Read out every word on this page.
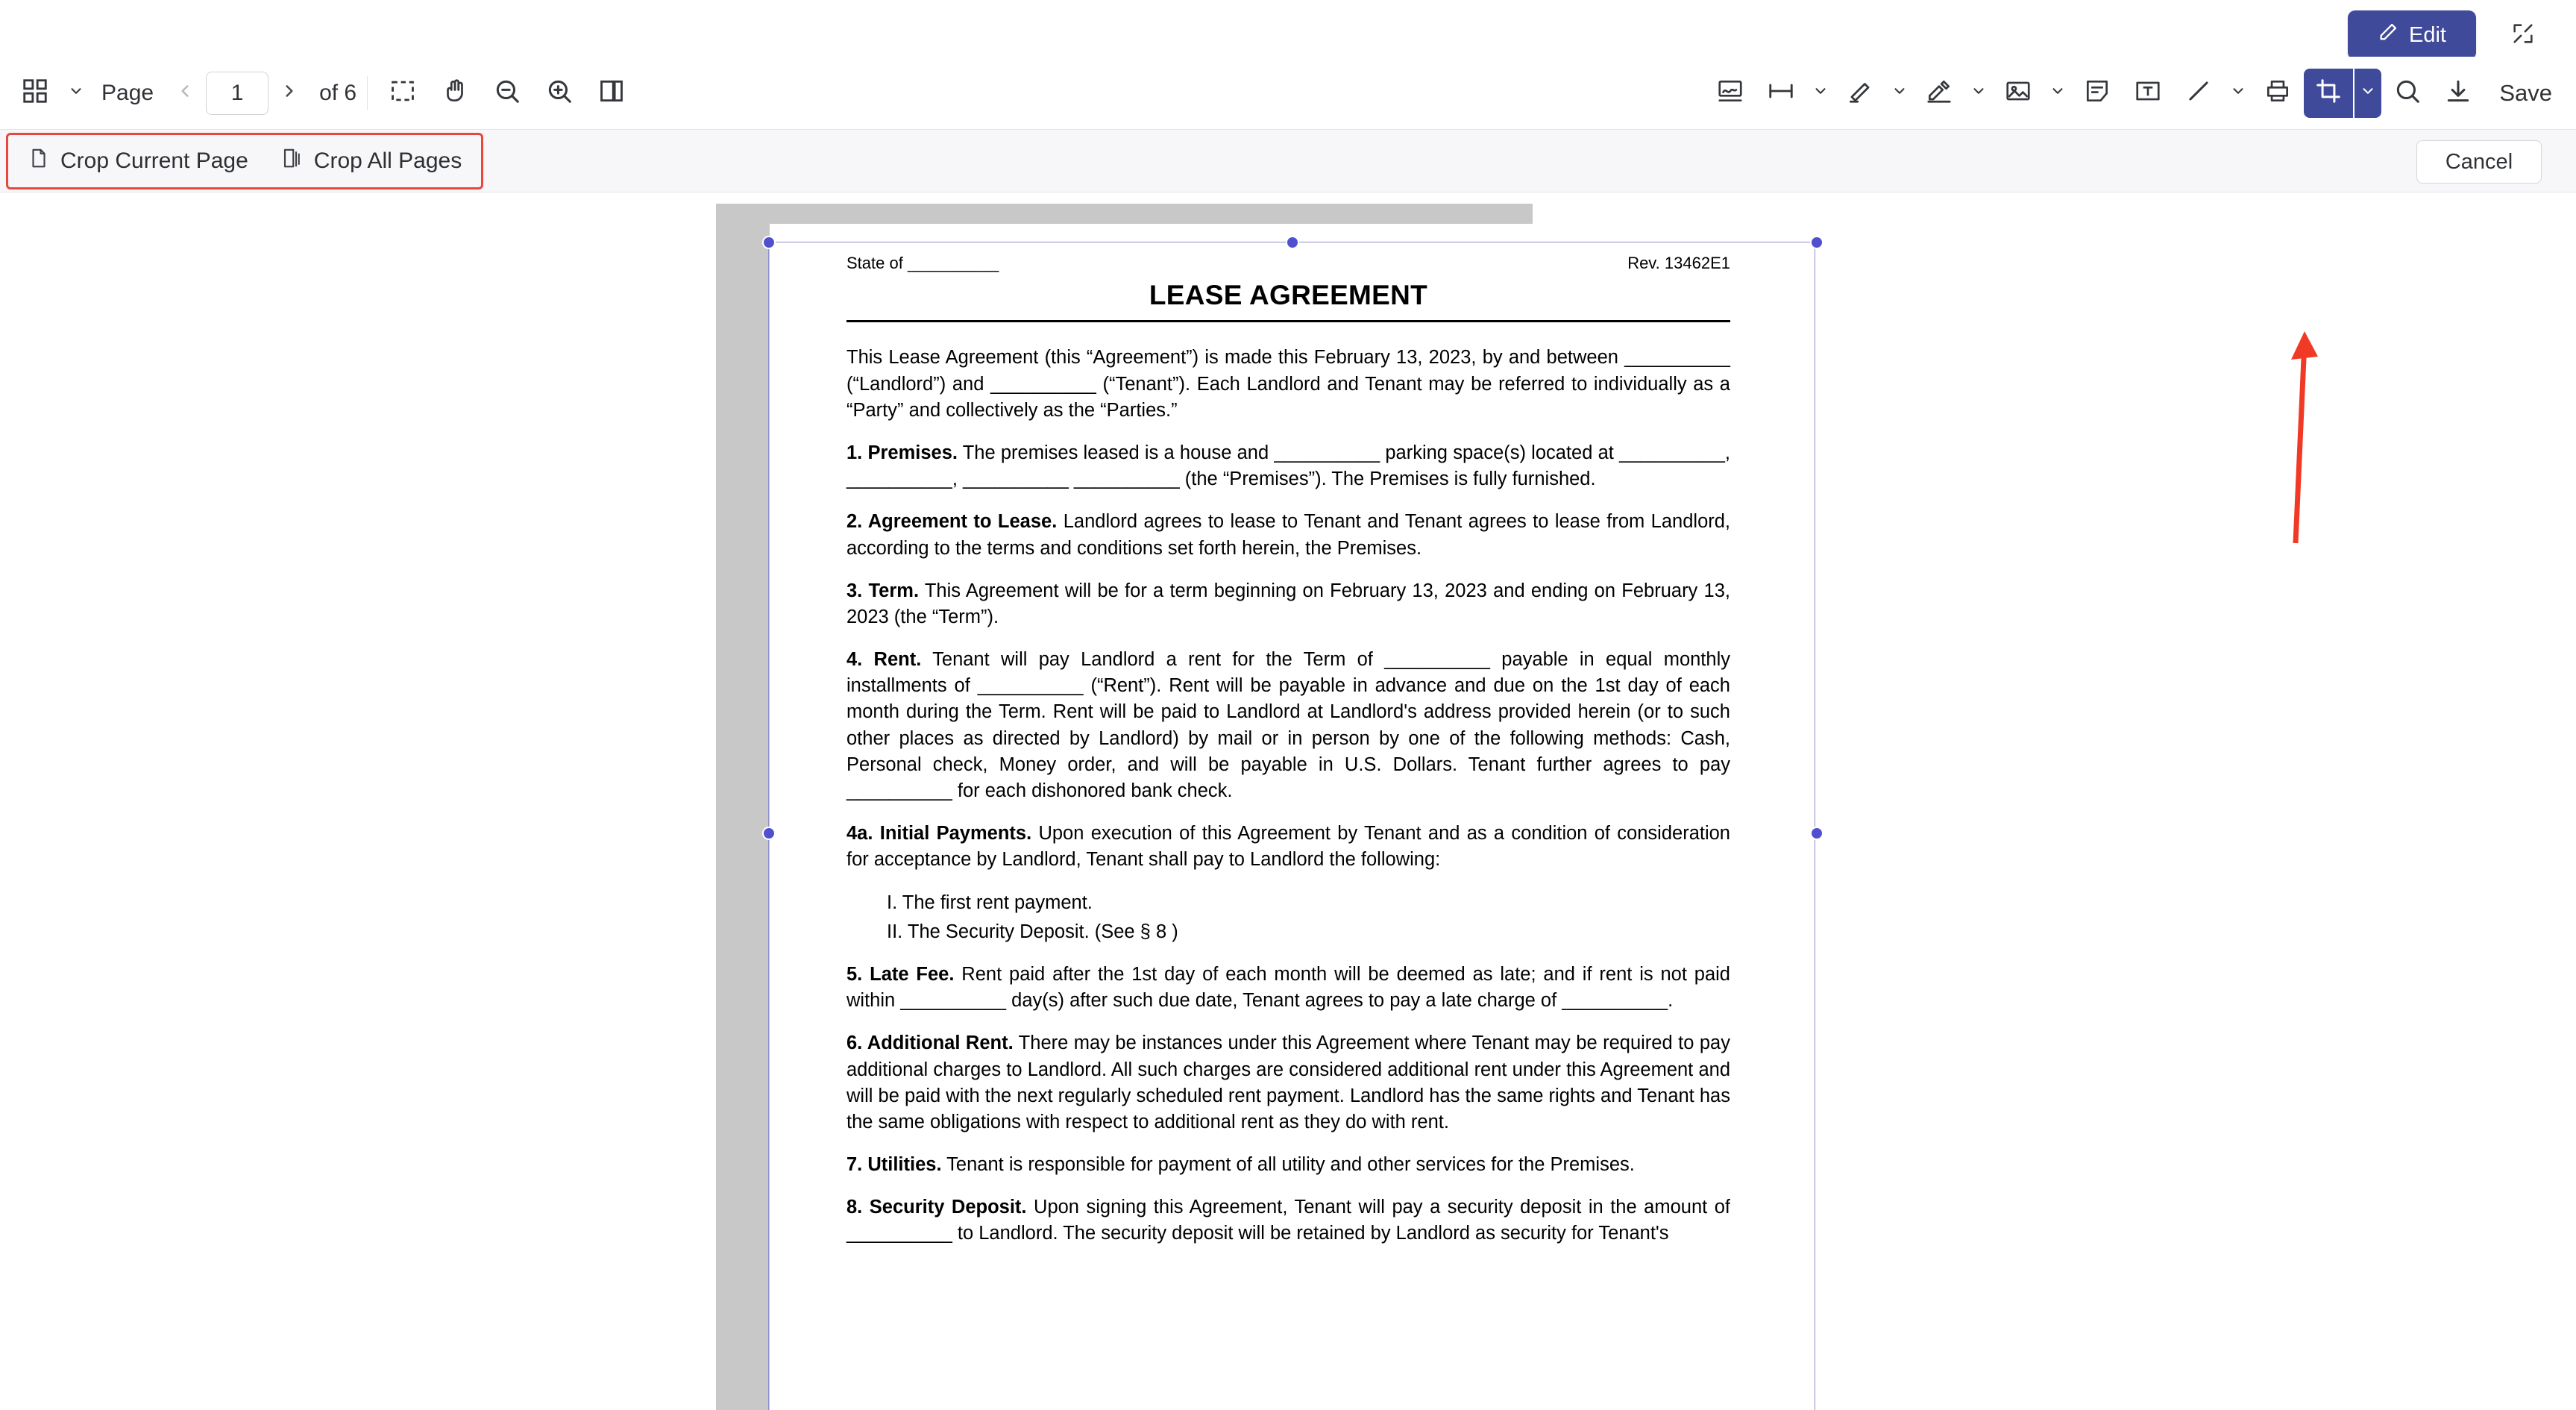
Edit
Page
1	of 6	Save
Crop Current Page	Crop All Pages	Cancel
State of __________	Rev. 13462E1
LEASE AGREEMENT

This Lease Agreement (this “Agreement”) is made this February 13, 2023, by and between __________ (“Landlord”) and __________ (“Tenant”). Each Landlord and Tenant may be referred to individually as a “Party” and collectively as the “Parties.”

1. Premises. The premises leased is a house and __________ parking space(s) located at __________, __________, __________ __________ (the “Premises”). The Premises is fully furnished.

2. Agreement to Lease. Landlord agrees to lease to Tenant and Tenant agrees to lease from Landlord, according to the terms and conditions set forth herein, the Premises.

3. Term. This Agreement will be for a term beginning on February 13, 2023 and ending on February 13, 2023 (the “Term”).

4. Rent. Tenant will pay Landlord a rent for the Term of __________ payable in equal monthly installments of __________ (“Rent”). Rent will be payable in advance and due on the 1st day of each month during the Term. Rent will be paid to Landlord at Landlord's address provided herein (or to such other places as directed by Landlord) by mail or in person by one of the following methods: Cash, Personal check, Money order, and will be payable in U.S. Dollars. Tenant further agrees to pay __________ for each dishonored bank check.

4a. Initial Payments. Upon execution of this Agreement by Tenant and as a condition of consideration for acceptance by Landlord, Tenant shall pay to Landlord the following:

I. The first rent payment.
II. The Security Deposit. (See § 8 )

5. Late Fee. Rent paid after the 1st day of each month will be deemed as late; and if rent is not paid within __________ day(s) after such due date, Tenant agrees to pay a late charge of __________.

6. Additional Rent. There may be instances under this Agreement where Tenant may be required to pay additional charges to Landlord. All such charges are considered additional rent under this Agreement and will be paid with the next regularly scheduled rent payment. Landlord has the same rights and Tenant has the same obligations with respect to additional rent as they do with rent.

7. Utilities. Tenant is responsible for payment of all utility and other services for the Premises.

8. Security Deposit. Upon signing this Agreement, Tenant will pay a security deposit in the amount of __________ to Landlord. The security deposit will be retained by Landlord as security for Tenant's
